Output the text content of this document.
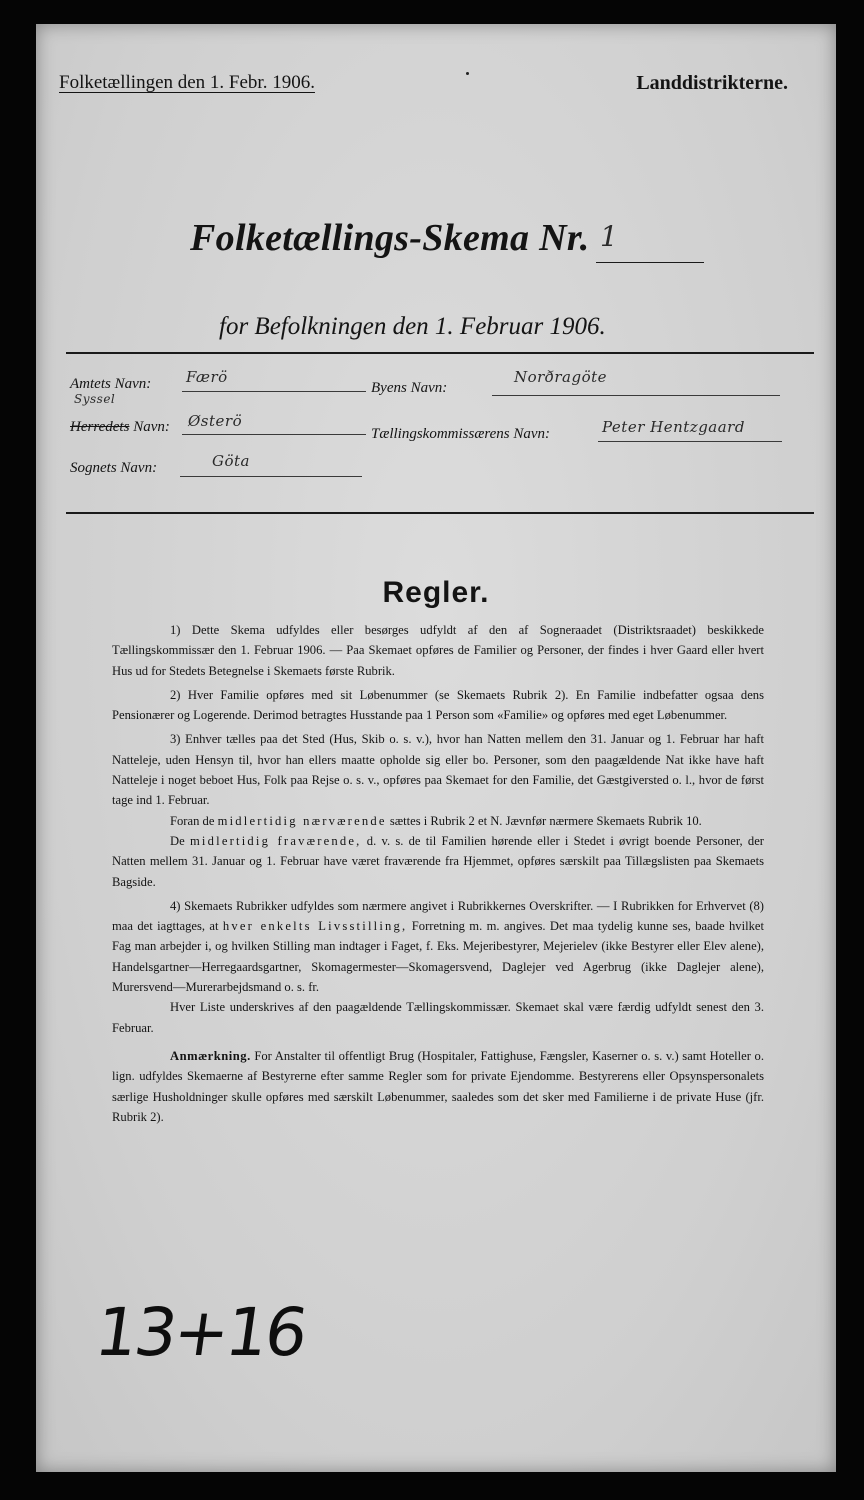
Folketællingen den 1. Febr. 1906.	Landdistrikterne.
Folketællings-Skema Nr. 1
for Befolkningen den 1. Februar 1906.
Amtets Navn: Færö
Syssel
Herredets Navn: Østerö
Sognets Navn:	Göta
Byens Navn:
Norðragöte
Tællingskommissærens Navn:	Peter Hentzgaard
Regler.

1) Dette Skema udfyldes eller besørges udfyldt af den af Sogneraadet (Distriktsraadet) beskikkede Tællingskommissær den 1. Februar 1906. — Paa Skemaet opføres de Familier og Personer, der findes i hver Gaard eller hvert Hus ud for Stedets Betegnelse i Skemaets første Rubrik.

2) Hver Familie opføres med sit Løbenummer (se Skemaets Rubrik 2). En Familie indbefatter ogsaa dens Pensionærer og Logerende. Derimod betragtes Husstande paa 1 Person som «Familie» og opføres med eget Løbenummer.

3) Enhver tælles paa det Sted (Hus, Skib o. s. v.), hvor han Natten mellem den 31. Januar og 1. Februar har haft Natteleje, uden Hensyn til, hvor han ellers maatte opholde sig eller bo. Personer, som den paagældende Nat ikke have haft Natteleje i noget beboet Hus, Folk paa Rejse o. s. v., opføres paa Skemaet for den Familie, det Gæstgiversted o. l., hvor de først tage ind 1. Februar.

Foran de midlertidig nærværende sættes i Rubrik 2 et N. Jævnfør nærmere Skemaets Rubrik 10.

De midlertidig fraværende, d. v. s. de til Familien hørende eller i Stedet i øvrigt boende Personer, der Natten mellem 31. Januar og 1. Februar have været fraværende fra Hjemmet, opføres særskilt paa Tillægslisten paa Skemaets Bagside.

4) Skemaets Rubrikker udfyldes som nærmere angivet i Rubrikkernes Overskrifter. — I Rubrikken for Erhvervet (8) maa det iagttages, at hver enkelts Livsstilling, Forretning m. m. angives. Det maa tydelig kunne ses, baade hvilket Fag man arbejder i, og hvilken Stilling man indtager i Faget, f. Eks. Mejeribestyrer, Mejerielev (ikke Bestyrer eller Elev alene), Handelsgartner—Herregaardsgartner, Skomagermester—Skomagersvend, Daglejer ved Agerbrug (ikke Daglejer alene), Murersvend—Murerarbejdsmand o. s. fr.

Hver Liste underskrives af den paagældende Tællingskommissær. Skemaet skal være færdig udfyldt senest den 3. Februar.

Anmærkning. For Anstalter til offentligt Brug (Hospitaler, Fattighuse, Fængsler, Kaserner o. s. v.) samt Hoteller o. lign. udfyldes Skemaerne af Bestyrerne efter samme Regler som for private Ejendomme. Bestyrerens eller Opsynspersonalets særlige Husholdninger skulle opføres med særskilt Løbenummer, saaledes som det sker med Familierne i de private Huse (jfr. Rubrik 2).

13+16
